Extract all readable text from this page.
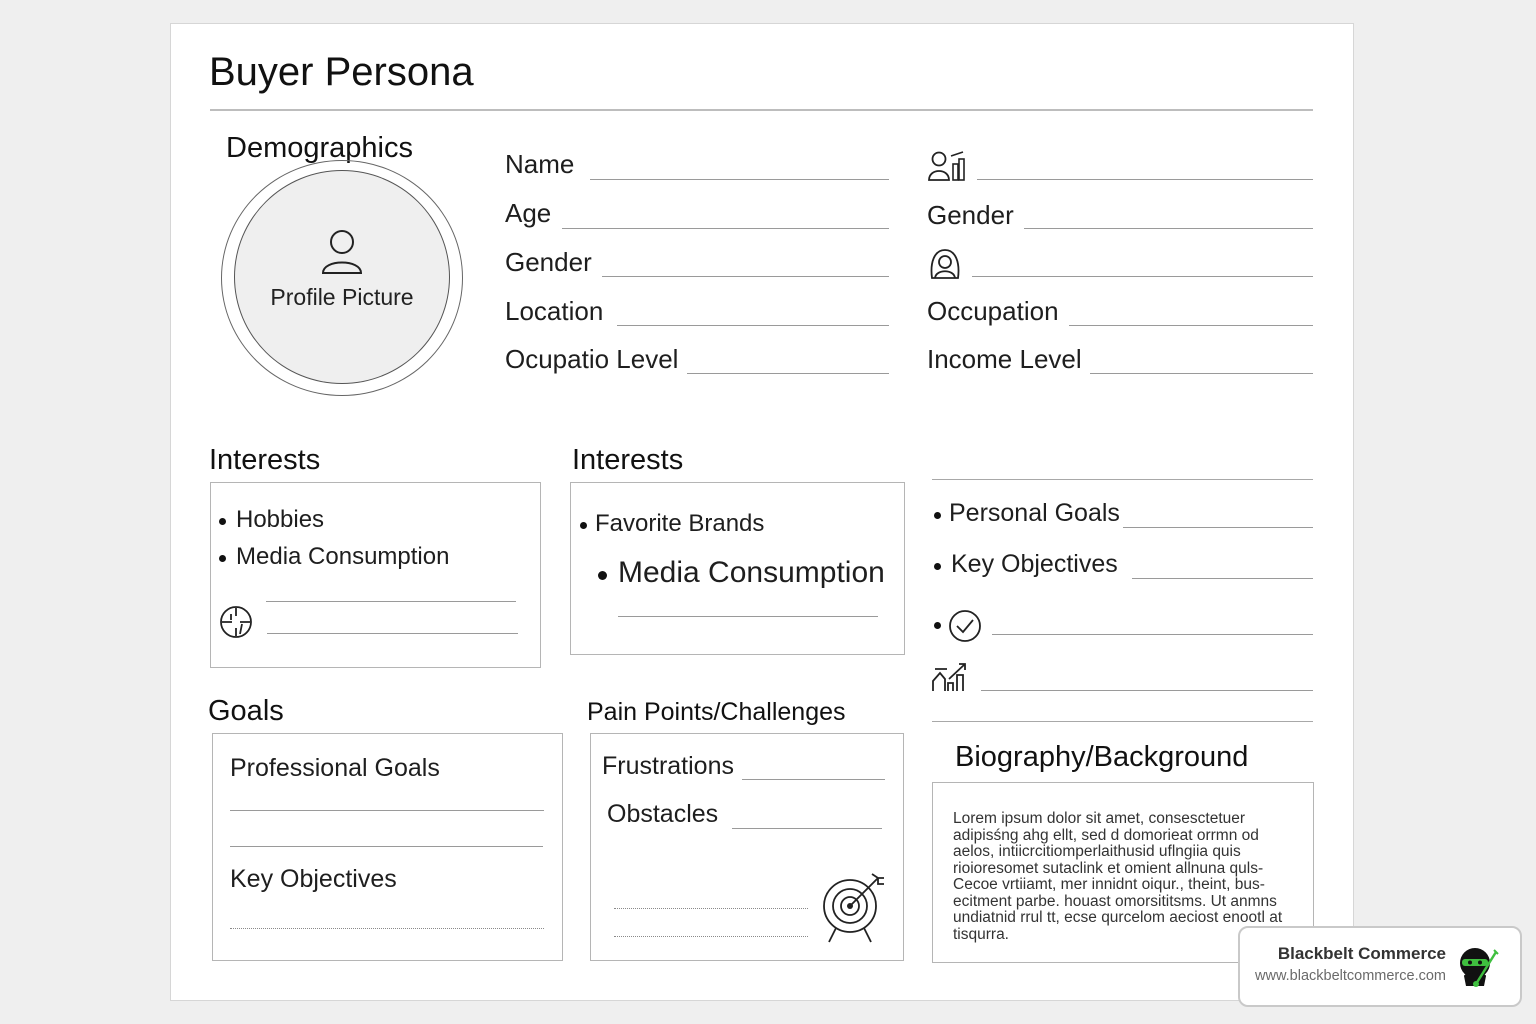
Buyer Persona
Demographics
Profile Picture
Name
Age
Gender
Location
Ocupatio Level
Gender
Occupation
Income Level
Interests
Hobbies
Media Consumption
Interests
Favorite Brands
Media Consumption
Personal Goals
Key Objectives
Goals
Professional Goals
Key Objectives
Pain Points/Challenges
Frustrations
Obstacles
Biography/Background
Lorem ipsum dolor sit amet, consesctetuer adipisśng ahg ellt, sed d domorieat orrmn od aelos, intiicrcitiomperlaithusid uflngiia quis rioioresomet sutaclink et omient allnuna quls-Cecoe vrtiiamt, mer innidnt oiqur., theint, bus-ecitment parbe. houast omorsititsms. Ut anmns undiatnid rrul tt, ecse qurcelom aeciost enootl at tisqurra.
Blackbelt Commerce
www.blackbeltcommerce.com
